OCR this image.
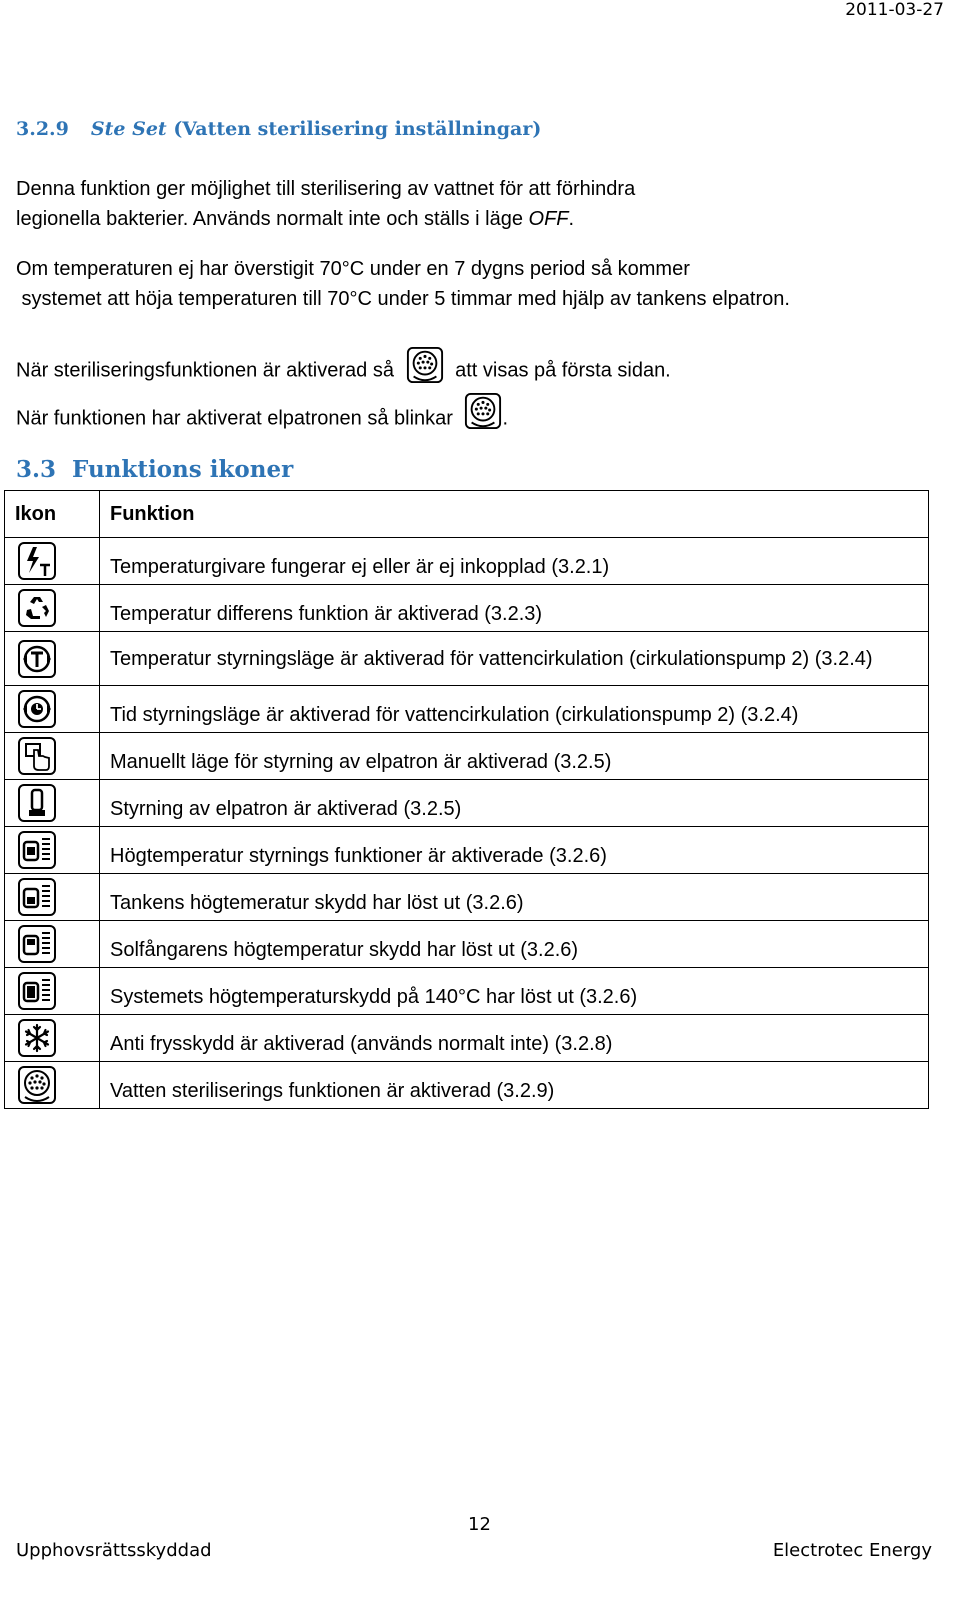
2011-03-27
3.2.9 Ste Set (Vatten sterilisering inställningar)
Denna funktion ger möjlighet till sterilisering av vattnet för att förhindra
legionella bakterier. Används normalt inte och ställs i läge OFF.
Om temperaturen ej har överstigit 70°C under en 7 dygns period så kommer
systemet att höja temperaturen till 70°C under 5 timmar med hjälp av tankens elpatron.
När steriliseringsfunktionen är aktiverad så	att visas på första sidan.
När funktionen har aktiverat elpatronen så blinkar .
3.3 Funktions ikoner
Ikon	Funktion
	Temperaturgivare fungerar ej eller är ej inkopplad (3.2.1)
	Temperatur differens funktion är aktiverad (3.2.3)
	Temperatur styrningsläge är aktiverad för vattencirkulation (cirkulationspump 2) (3.2.4)
	Tid styrningsläge är aktiverad för vattencirkulation (cirkulationspump 2) (3.2.4)
	Manuellt läge för styrning av elpatron är aktiverad (3.2.5)
	Styrning av elpatron är aktiverad (3.2.5)
	Högtemperatur styrnings funktioner är aktiverade (3.2.6)
	Tankens högtemeratur skydd har löst ut (3.2.6)
	Solfångarens högtemperatur skydd har löst ut (3.2.6)
	Systemets högtemperaturskydd på 140°C har löst ut (3.2.6)
	Anti frysskydd är aktiverad (används normalt inte) (3.2.8)
	Vatten steriliserings funktionen är aktiverad (3.2.9)
12
Upphovsrättsskyddad	Electrotec Energy
